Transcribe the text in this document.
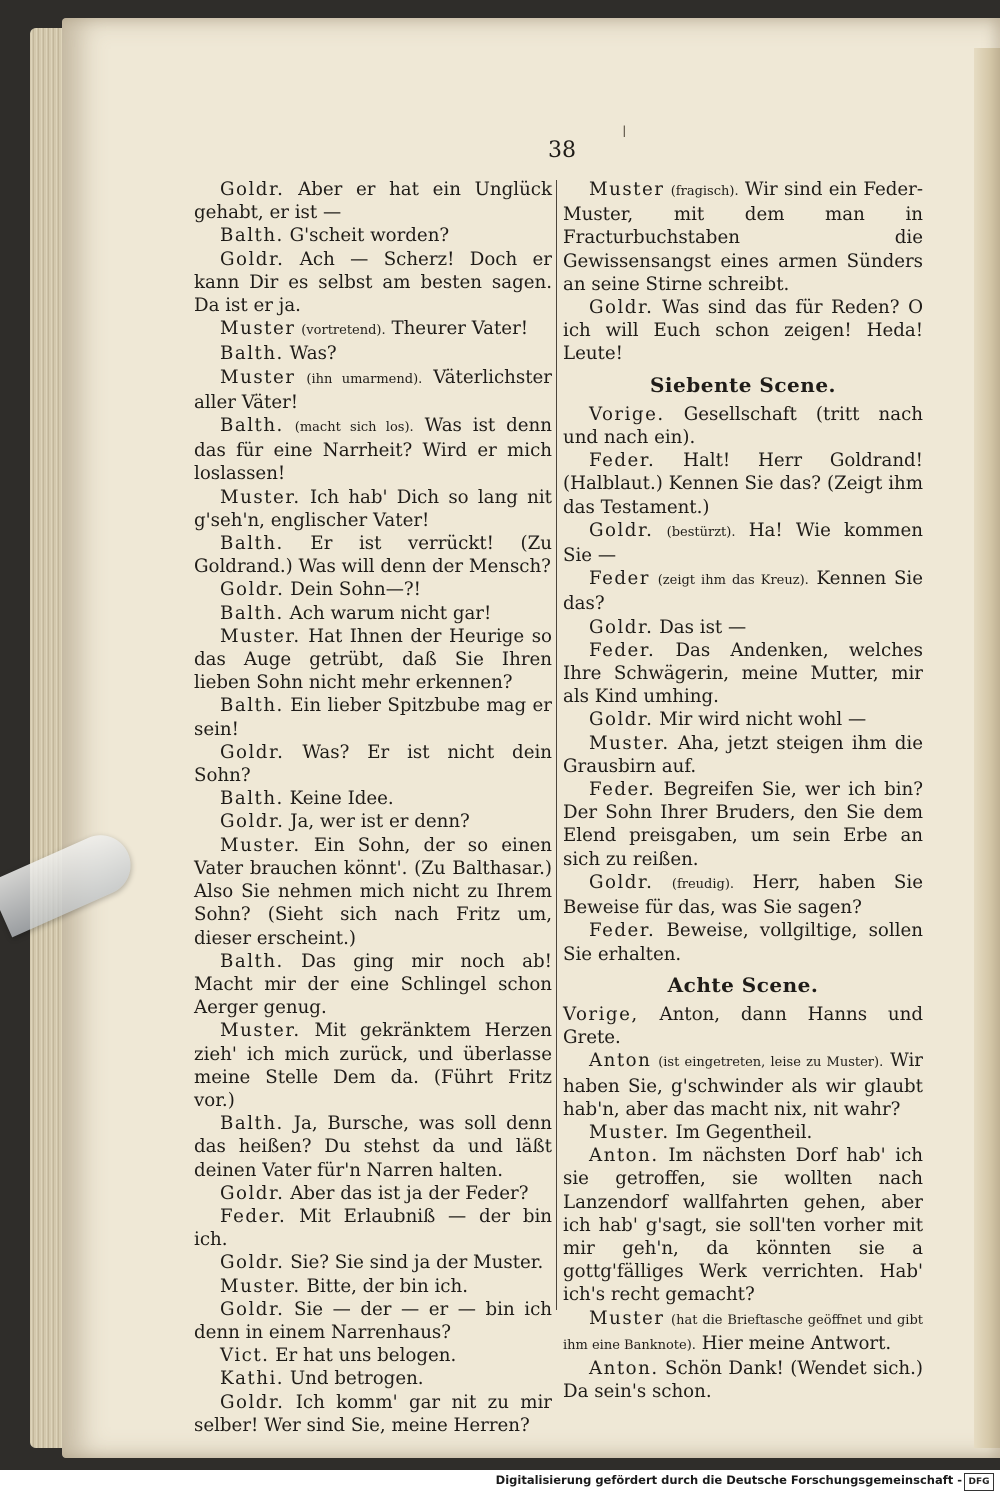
ǀ
38

Goldr. Aber er hat ein Unglück gehabt, er ist —

Balth. G'scheit worden?

Goldr. Ach — Scherz! Doch er kann Dir es selbst am besten sagen. Da ist er ja.

Muster (vortretend). Theurer Vater!

Balth. Was?

Muster (ihn umarmend). Väterlichster aller Väter!

Balth. (macht sich los). Was ist denn das für eine Narrheit? Wird er mich loslassen!

Muster. Ich hab' Dich so lang nit g'seh'n, englischer Vater!

Balth. Er ist verrückt! (Zu Goldrand.) Was will denn der Mensch?

Goldr. Dein Sohn—?!

Balth. Ach warum nicht gar!

Muster. Hat Ihnen der Heurige so das Auge getrübt, daß Sie Ihren lieben Sohn nicht mehr erkennen?

Balth. Ein lieber Spitzbube mag er sein!

Goldr. Was? Er ist nicht dein Sohn?

Balth. Keine Idee.

Goldr. Ja, wer ist er denn?

Muster. Ein Sohn, der so einen Vater brauchen könnt'. (Zu Balthasar.) Also Sie nehmen mich nicht zu Ihrem Sohn? (Sieht sich nach Fritz um, dieser erscheint.)

Balth. Das ging mir noch ab! Macht mir der eine Schlingel schon Aerger genug.

Muster. Mit gekränktem Herzen zieh' ich mich zurück, und überlasse meine Stelle Dem da. (Führt Fritz vor.)

Balth. Ja, Bursche, was soll denn das heißen? Du stehst da und läßt deinen Vater für'n Narren halten.

Goldr. Aber das ist ja der Feder?

Feder. Mit Erlaubniß — der bin ich.

Goldr. Sie? Sie sind ja der Muster.

Muster. Bitte, der bin ich.

Goldr. Sie — der — er — bin ich denn in einem Narrenhaus?

Vict. Er hat uns belogen.

Kathi. Und betrogen.

Goldr. Ich komm' gar nit zu mir selber! Wer sind Sie, meine Herren?

Muster (fragisch). Wir sind ein Feder-Muster, mit dem man in Fracturbuchstaben die Gewissensangst eines armen Sünders an seine Stirne schreibt.

Goldr. Was sind das für Reden? O ich will Euch schon zeigen! Heda! Leute!

Siebente Scene.

Vorige. Gesellschaft (tritt nach und nach ein).

Feder. Halt! Herr Goldrand! (Halblaut.) Kennen Sie das? (Zeigt ihm das Testament.)

Goldr. (bestürzt). Ha! Wie kommen Sie —

Feder (zeigt ihm das Kreuz). Kennen Sie das?

Goldr. Das ist —

Feder. Das Andenken, welches Ihre Schwägerin, meine Mutter, mir als Kind umhing.

Goldr. Mir wird nicht wohl —

Muster. Aha, jetzt steigen ihm die Grausbirn auf.

Feder. Begreifen Sie, wer ich bin? Der Sohn Ihrer Bruders, den Sie dem Elend preisgaben, um sein Erbe an sich zu reißen.

Goldr. (freudig). Herr, haben Sie Beweise für das, was Sie sagen?

Feder. Beweise, vollgiltige, sollen Sie erhalten.

Achte Scene.

Vorige, Anton, dann Hanns und Grete.

Anton (ist eingetreten, leise zu Muster). Wir haben Sie, g'schwinder als wir glaubt hab'n, aber das macht nix, nit wahr?

Muster. Im Gegentheil.

Anton. Im nächsten Dorf hab' ich sie getroffen, sie wollten nach Lanzendorf wallfahrten gehen, aber ich hab' g'sagt, sie soll'ten vorher mit mir geh'n, da könnten sie a gottg'fälliges Werk verrichten. Hab' ich's recht gemacht?

Muster (hat die Brieftasche geöffnet und gibt ihm eine Banknote). Hier meine Antwort.

Anton. Schön Dank! (Wendet sich.) Da sein's schon.

Digitalisierung gefördert durch die Deutsche Forschungsgemeinschaft - DFG
